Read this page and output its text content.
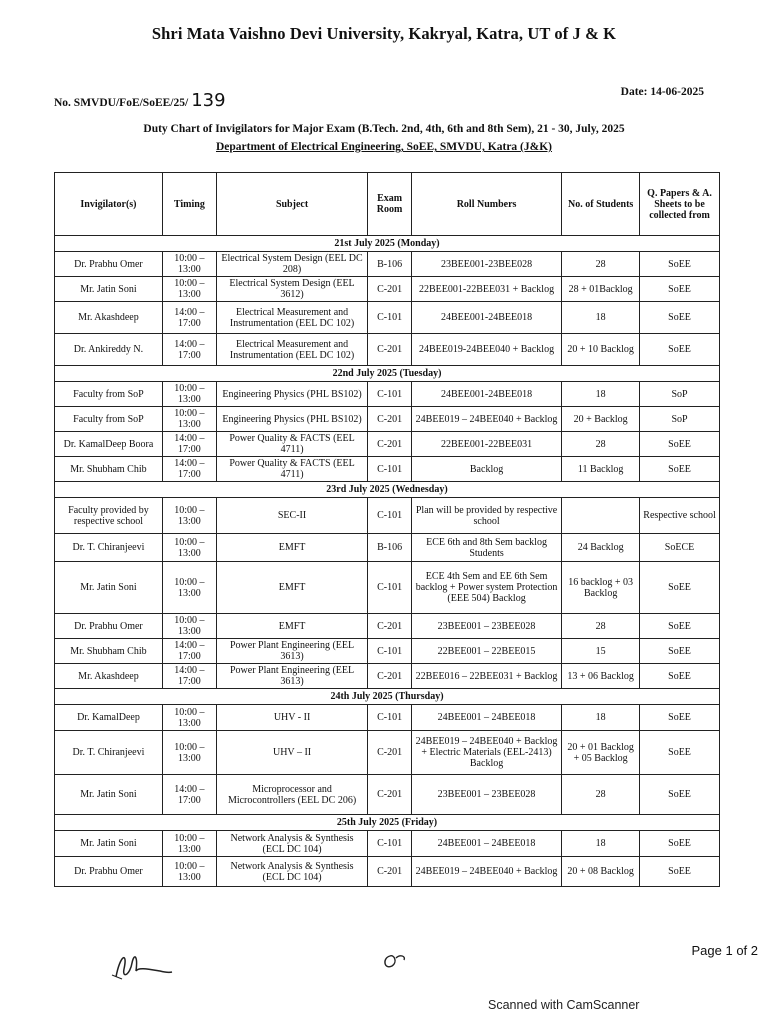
Shri Mata Vaishno Devi University, Kakryal, Katra, UT of J & K
No. SMVDU/FoE/SoEE/25/ 139	Date: 14-06-2025
Duty Chart of Invigilators for Major Exam (B.Tech. 2nd, 4th, 6th and 8th Sem), 21 - 30, July, 2025
Department of Electrical Engineering, SoEE, SMVDU, Katra (J&K)
Invigilator(s)	Timing	Subject	Exam Room	Roll Numbers	No. of Students	Q. Papers & A. Sheets to be collected from
21st July 2025 (Monday)						
Dr. Prabhu Omer	10:00 – 13:00	Electrical System Design (EEL DC 208)	B-106	23BEE001-23BEE028	28	SoEE
Mr. Jatin Soni	10:00 – 13:00	Electrical System Design (EEL 3612)	C-201	22BEE001-22BEE031 + Backlog	28 + 01Backlog	SoEE
Mr. Akashdeep	14:00 – 17:00	Electrical Measurement and Instrumentation (EEL DC 102)	C-101	24BEE001-24BEE018	18	SoEE
Dr. Ankireddy N.	14:00 – 17:00	Electrical Measurement and Instrumentation (EEL DC 102)	C-201	24BEE019-24BEE040 + Backlog	20 + 10 Backlog	SoEE
22nd July 2025 (Tuesday)						
Faculty from SoP	10:00 – 13:00	Engineering Physics (PHL BS102)	C-101	24BEE001-24BEE018	18	SoP
Faculty from SoP	10:00 – 13:00	Engineering Physics (PHL BS102)	C-201	24BEE019 – 24BEE040 + Backlog	20 + Backlog	SoP
Dr. KamalDeep Boora	14:00 – 17:00	Power Quality & FACTS (EEL 4711)	C-201	22BEE001-22BEE031	28	SoEE
Mr. Shubham Chib	14:00 – 17:00	Power Quality & FACTS (EEL 4711)	C-101	Backlog	11 Backlog	SoEE
23rd July 2025 (Wednesday)						
Faculty provided by respective school	10:00 – 13:00	SEC-II	C-101	Plan will be provided by respective school		Respective school
Dr. T. Chiranjeevi	10:00 – 13:00	EMFT	B-106	ECE 6th and 8th Sem backlog Students	24 Backlog	SoECE
Mr. Jatin Soni	10:00 – 13:00	EMFT	C-101	ECE 4th Sem and EE 6th Sem backlog + Power system Protection (EEE 504) Backlog	16 backlog + 03 Backlog	SoEE
Dr. Prabhu Omer	10:00 – 13:00	EMFT	C-201	23BEE001 – 23BEE028	28	SoEE
Mr. Shubham Chib	14:00 – 17:00	Power Plant Engineering (EEL 3613)	C-101	22BEE001 – 22BEE015	15	SoEE
Mr. Akashdeep	14:00 – 17:00	Power Plant Engineering (EEL 3613)	C-201	22BEE016 – 22BEE031 + Backlog	13 + 06 Backlog	SoEE
24th July 2025 (Thursday)						
Dr. KamalDeep	10:00 – 13:00	UHV - II	C-101	24BEE001 – 24BEE018	18	SoEE
Dr. T. Chiranjeevi	10:00 – 13:00	UHV – II	C-201	24BEE019 – 24BEE040 + Backlog + Electric Materials (EEL-2413) Backlog	20 + 01 Backlog + 05 Backlog	SoEE
Mr. Jatin Soni	14:00 – 17:00	Microprocessor and Microcontrollers (EEL DC 206)	C-201	23BEE001 – 23BEE028	28	SoEE
25th July 2025 (Friday)						
Mr. Jatin Soni	10:00 – 13:00	Network Analysis & Synthesis (ECL DC 104)	C-101	24BEE001 – 24BEE018	18	SoEE
Dr. Prabhu Omer	10:00 – 13:00	Network Analysis & Synthesis (ECL DC 104)	C-201	24BEE019 – 24BEE040 + Backlog	20 + 08 Backlog	SoEE
Page 1 of 2
Scanned with CamScanner
